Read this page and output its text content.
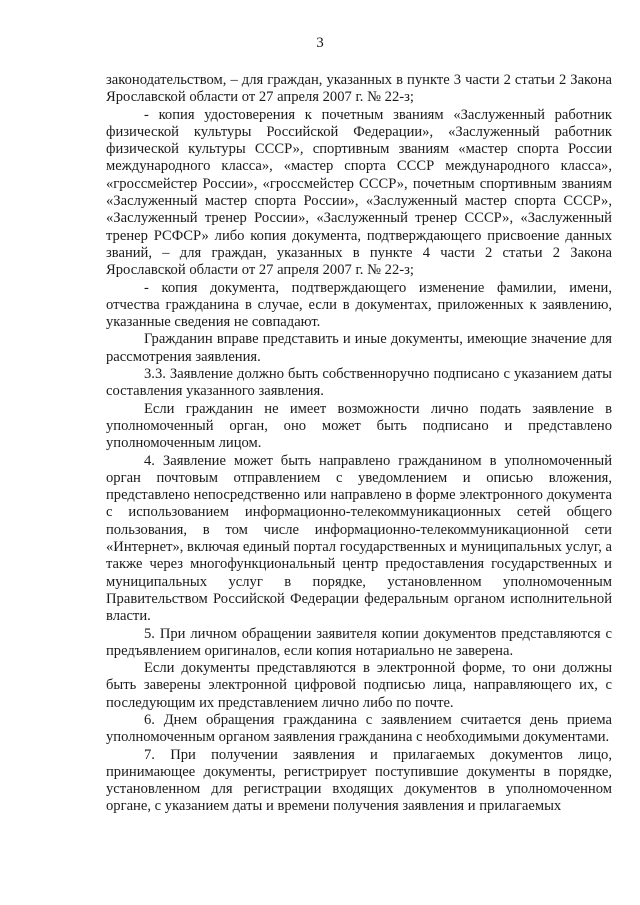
3

законодательством, – для граждан, указанных в пункте 3 части 2 статьи 2 Закона Ярославской области от 27 апреля 2007 г. № 22-з;

- копия удостоверения к почетным званиям «Заслуженный работник физической культуры Российской Федерации», «Заслуженный работник физической культуры СССР», спортивным званиям «мастер спорта России международного класса», «мастер спорта СССР международного класса», «гроссмейстер России», «гроссмейстер СССР», почетным спортивным званиям «Заслуженный мастер спорта России», «Заслуженный мастер спорта СССР», «Заслуженный тренер России», «Заслуженный тренер СССР», «Заслуженный тренер РСФСР» либо копия документа, подтверждающего присвоение данных званий, – для граждан, указанных в пункте 4 части 2 статьи 2 Закона Ярославской области от 27 апреля 2007 г. № 22-з;

- копия документа, подтверждающего изменение фамилии, имени, отчества гражданина в случае, если в документах, приложенных к заявлению, указанные сведения не совпадают.

Гражданин вправе представить и иные документы, имеющие значение для рассмотрения заявления.

3.3. Заявление должно быть собственноручно подписано с указанием даты составления указанного заявления.

Если гражданин не имеет возможности лично подать заявление в уполномоченный орган, оно может быть подписано и представлено уполномоченным лицом.

4. Заявление может быть направлено гражданином в уполномоченный орган почтовым отправлением с уведомлением и описью вложения, представлено непосредственно или направлено в форме электронного документа с использованием информационно-телекоммуникационных сетей общего пользования, в том числе информационно-телекоммуникационной сети «Интернет», включая единый портал государственных и муниципальных услуг, а также через многофункциональный центр предоставления государственных и муниципальных услуг в порядке, установленном уполномоченным Правительством Российской Федерации федеральным органом исполнительной власти.

5. При личном обращении заявителя копии документов представляются с предъявлением оригиналов, если копия нотариально не заверена.

Если документы представляются в электронной форме, то они должны быть заверены электронной цифровой подписью лица, направляющего их, с последующим их представлением лично либо по почте.

6. Днем обращения гражданина с заявлением считается день приема уполномоченным органом заявления гражданина с необходимыми документами.

7. При получении заявления и прилагаемых документов лицо, принимающее документы, регистрирует поступившие документы в порядке, установленном для регистрации входящих документов в уполномоченном органе, с указанием даты и времени получения заявления и прилагаемых
